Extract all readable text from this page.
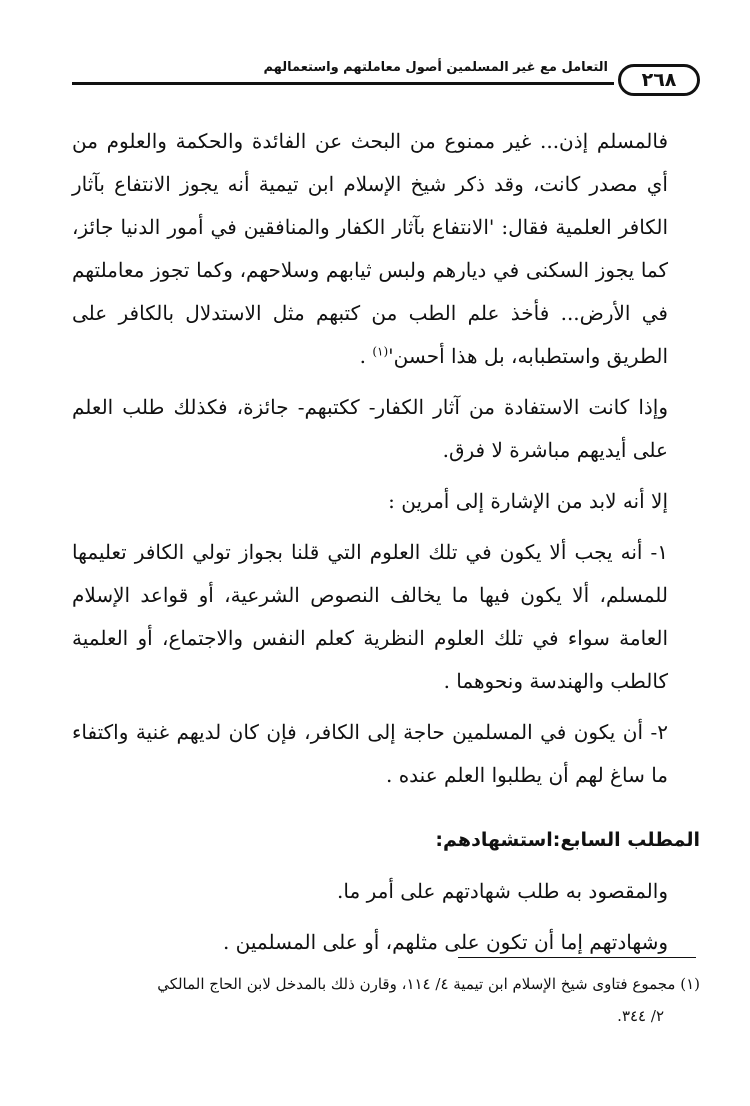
التعامل مع غير المسلمين أصول معاملتهم واستعمالهم
٢٦٨

فالمسلم إذن... غير ممنوع من البحث عن الفائدة والحكمة والعلوم من أي مصدر كانت، وقد ذكر شيخ الإسلام ابن تيمية أنه يجوز الانتفاع بآثار الكافر العلمية فقال: 'الانتفاع بآثار الكفار والمنافقين في أمور الدنيا جائز، كما يجوز السكنى في ديارهم ولبس ثيابهم وسلاحهم، وكما تجوز معاملتهم في الأرض... فأخذ علم الطب من كتبهم مثل الاستدلال بالكافر على الطريق واستطبابه، بل هذا أحسن'$^{(١)}$ .

وإذا كانت الاستفادة من آثار الكفار- ككتبهم- جائزة، فكذلك طلب العلم على أيديهم مباشرة لا فرق.

إلا أنه لابد من الإشارة إلى أمرين :

١- أنه يجب ألا يكون في تلك العلوم التي قلنا بجواز تولي الكافر تعليمها للمسلم، ألا يكون فيها ما يخالف النصوص الشرعية، أو قواعد الإسلام العامة سواء في تلك العلوم النظرية كعلم النفس والاجتماع، أو العلمية كالطب والهندسة ونحوهما .

٢- أن يكون في المسلمين حاجة إلى الكافر، فإن كان لديهم غنية واكتفاء ما ساغ لهم أن يطلبوا العلم عنده .

المطلب السابع:استشهادهم:

والمقصود به طلب شهادتهم على أمر ما.

وشهادتهم إما أن تكون على مثلهم، أو على المسلمين .

(١) مجموع فتاوى شيخ الإسلام ابن تيمية ٤/ ١١٤، وقارن ذلك بالمدخل لابن الحاج المالكي

٢/ ٣٤٤.
